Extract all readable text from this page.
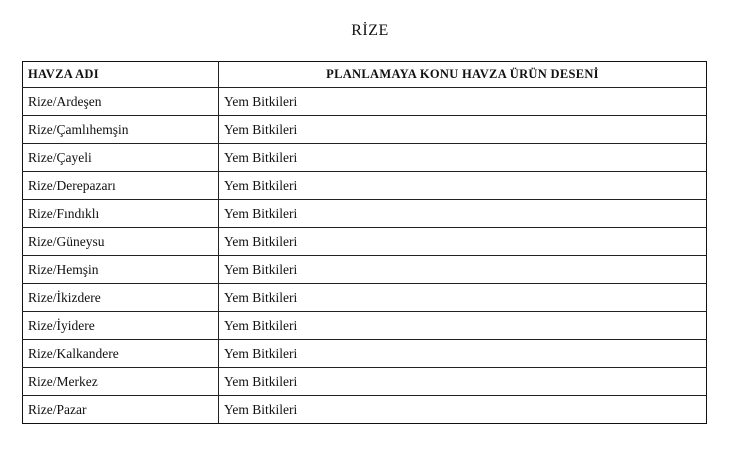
RİZE
HAVZA ADI	PLANLAMAYA KONU HAVZA ÜRÜN DESENİ
Rize/Ardeşen	Yem Bitkileri
Rize/Çamlıhemşin	Yem Bitkileri
Rize/Çayeli	Yem Bitkileri
Rize/Derepazarı	Yem Bitkileri
Rize/Fındıklı	Yem Bitkileri
Rize/Güneysu	Yem Bitkileri
Rize/Hemşin	Yem Bitkileri
Rize/İkizdere	Yem Bitkileri
Rize/İyidere	Yem Bitkileri
Rize/Kalkandere	Yem Bitkileri
Rize/Merkez	Yem Bitkileri
Rize/Pazar	Yem Bitkileri
